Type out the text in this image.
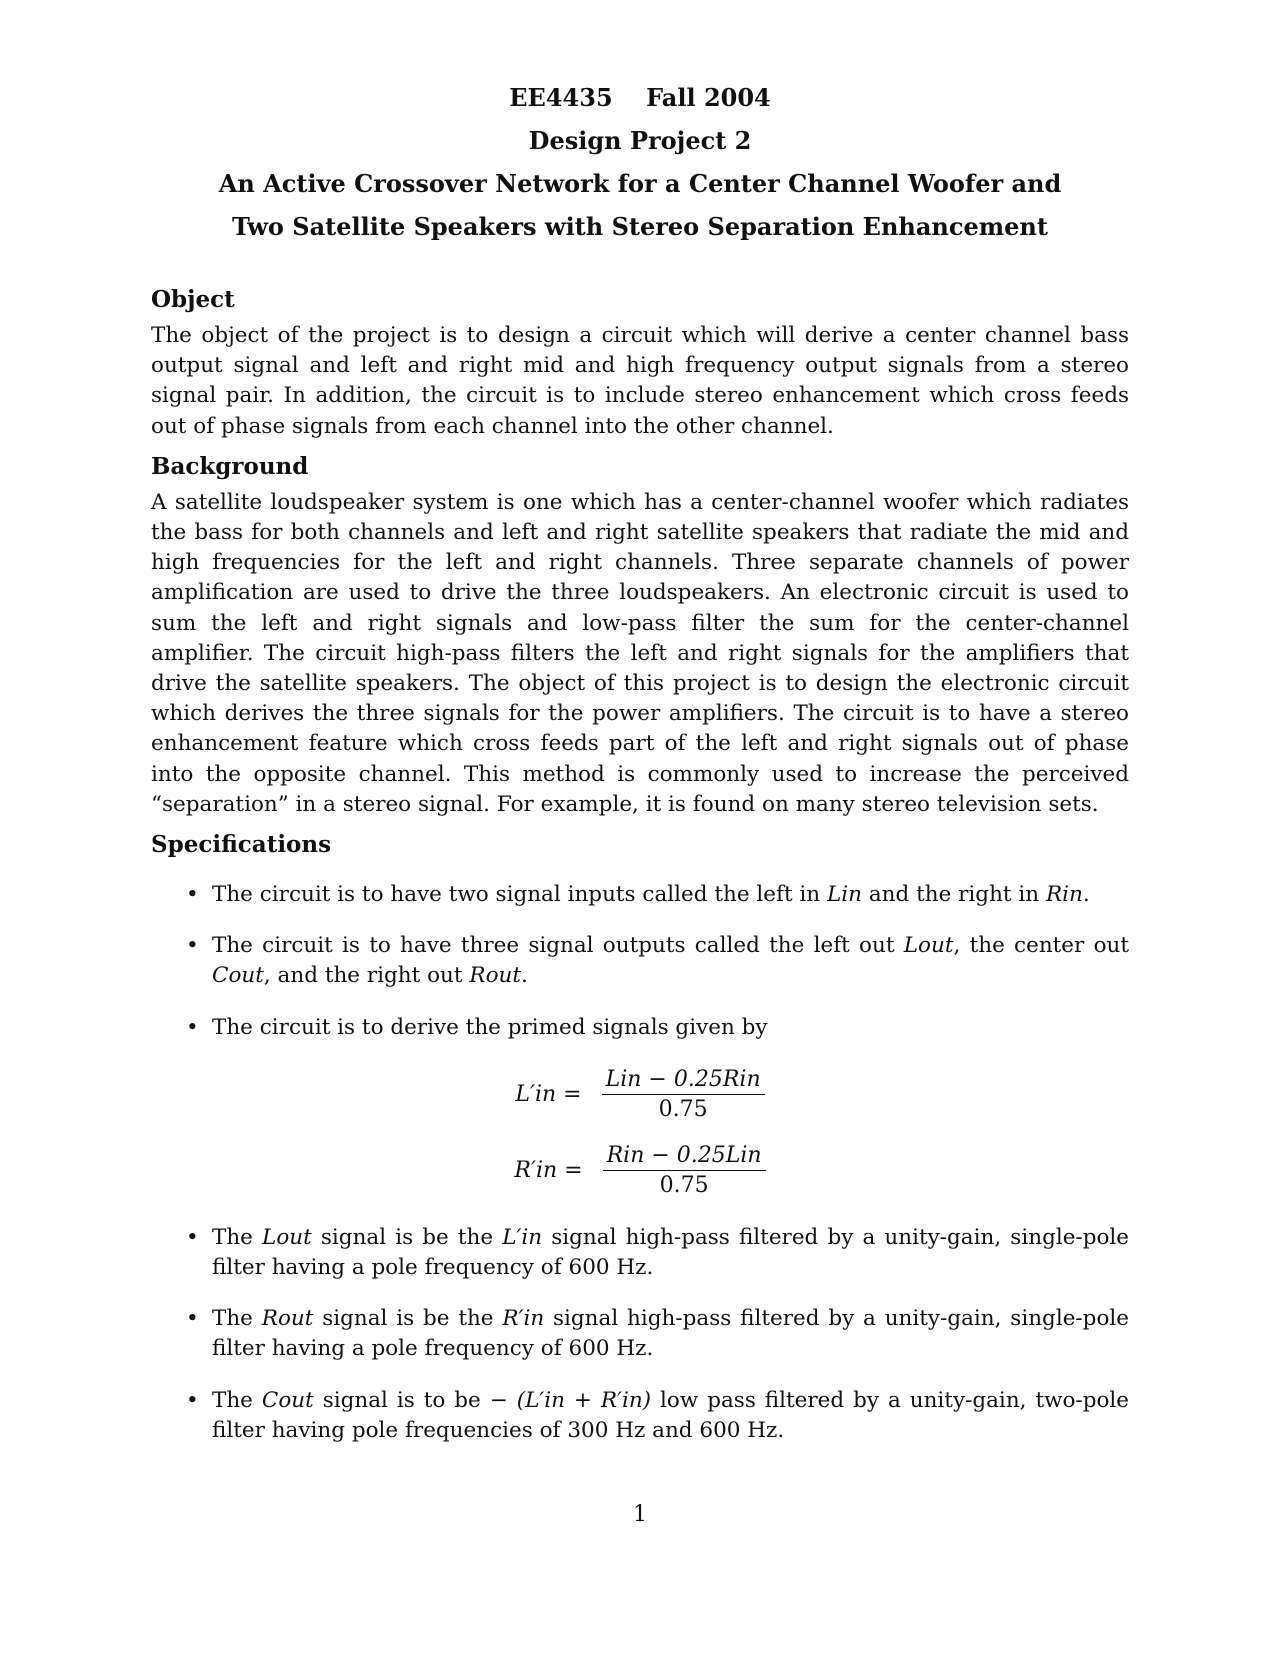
EE4435    Fall 2004
Design Project 2
An Active Crossover Network for a Center Channel Woofer and
Two Satellite Speakers with Stereo Separation Enhancement
Object

The object of the project is to design a circuit which will derive a center channel bass output signal and left and right mid and high frequency output signals from a stereo signal pair. In addition, the circuit is to include stereo enhancement which cross feeds out of phase signals from each channel into the other channel.

Background

A satellite loudspeaker system is one which has a center-channel woofer which radiates the bass for both channels and left and right satellite speakers that radiate the mid and high frequencies for the left and right channels. Three separate channels of power amplification are used to drive the three loudspeakers. An electronic circuit is used to sum the left and right signals and low-pass filter the sum for the center-channel amplifier. The circuit high-pass filters the left and right signals for the amplifiers that drive the satellite speakers. The object of this project is to design the electronic circuit which derives the three signals for the power amplifiers. The circuit is to have a stereo enhancement feature which cross feeds part of the left and right signals out of phase into the opposite channel. This method is commonly used to increase the perceived “separation” in a stereo signal. For example, it is found on many stereo television sets.

Specifications
• The circuit is to have two signal inputs called the left in Lin and the right in Rin.
• The circuit is to have three signal outputs called the left out Lout, the center out Cout, and the right out Rout.
• The circuit is to derive the primed signals given by
$L'in = \frac{\text{Lin − 0.25Rin}}{0.75}$
$R'in = \frac{\text{Rin − 0.25Lin}}{0.75}$
• The Lout signal is be the L′in signal high-pass filtered by a unity-gain, single-pole filter having a pole frequency of 600 Hz.
• The Rout signal is be the R′in signal high-pass filtered by a unity-gain, single-pole filter having a pole frequency of 600 Hz.
• The Cout signal is to be − (L′in + R′in) low pass filtered by a unity-gain, two-pole filter having pole frequencies of 300 Hz and 600 Hz.
1
